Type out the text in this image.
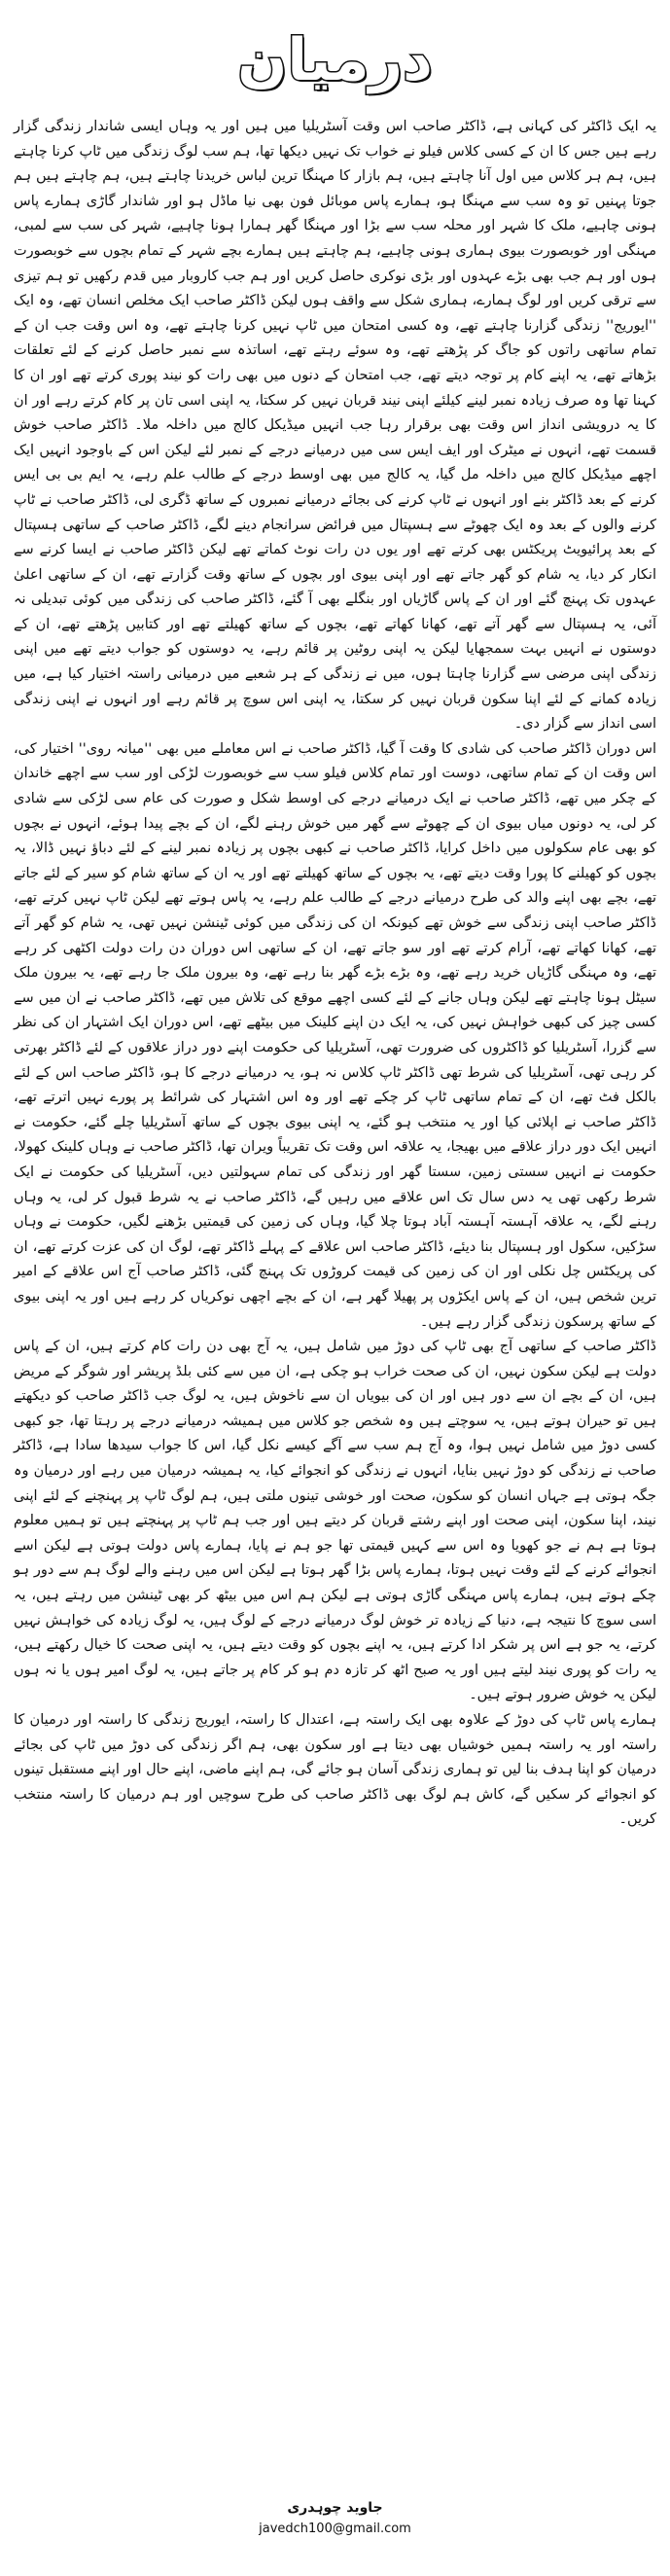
درمیان

یہ ایک ڈاکٹر کی کہانی ہے، ڈاکٹر صاحب اس وقت آسٹریلیا میں ہیں اور یہ وہاں ایسی شاندار زندگی گزار رہے ہیں جس کا ان کے کسی کلاس فیلو نے خواب تک نہیں دیکھا تھا، ہم سب لوگ زندگی میں ٹاپ کرنا چاہتے ہیں، ہم ہر کلاس میں اول آنا چاہتے ہیں، ہم بازار کا مہنگا ترین لباس خریدنا چاہتے ہیں، ہم چاہتے ہیں ہم جوتا پہنیں تو وہ سب سے مہنگا ہو، ہمارے پاس موبائل فون بھی نیا ماڈل ہو اور شاندار گاڑی ہمارے پاس ہونی چاہیے، ملک کا شہر اور محلہ سب سے بڑا اور مہنگا گھر ہمارا ہونا چاہیے، شہر کی سب سے لمبی، مہنگی اور خوبصورت بیوی ہماری ہونی چاہیے، ہم چاہتے ہیں ہمارے بچے شہر کے تمام بچوں سے خوبصورت ہوں اور ہم جب بھی بڑے عہدوں اور بڑی نوکری حاصل کریں اور ہم جب کاروبار میں قدم رکھیں تو ہم تیزی سے ترقی کریں اور لوگ ہمارے، ہماری شکل سے واقف ہوں لیکن ڈاکٹر صاحب ایک مخلص انسان تھے، وہ ایک ''ایوریج'' زندگی گزارنا چاہتے تھے، وہ کسی امتحان میں ٹاپ نہیں کرنا چاہتے تھے، وہ اس وقت جب ان کے تمام ساتھی راتوں کو جاگ کر پڑھتے تھے، وہ سوئے رہتے تھے، اساتذہ سے نمبر حاصل کرنے کے لئے تعلقات بڑھاتے تھے، یہ اپنے کام پر توجہ دیتے تھے، جب امتحان کے دنوں میں بھی رات کو نیند پوری کرتے تھے اور ان کا کہنا تھا وہ صرف زیادہ نمبر لینے کیلئے اپنی نیند قربان نہیں کر سکتا، یہ اپنی اسی تان پر کام کرتے رہے اور ان کا یہ درویشی انداز اس وقت بھی برقرار رہا جب انہیں میڈیکل کالج میں داخلہ ملا۔ ڈاکٹر صاحب خوش قسمت تھے، انہوں نے میٹرک اور ایف ایس سی میں درمیانے درجے کے نمبر لئے لیکن اس کے باوجود انہیں ایک اچھے میڈیکل کالج میں داخلہ مل گیا، یہ کالج میں بھی اوسط درجے کے طالب علم رہے، یہ ایم بی بی ایس کرنے کے بعد ڈاکٹر بنے اور انہوں نے ٹاپ کرنے کی بجائے درمیانے نمبروں کے ساتھ ڈگری لی، ڈاکٹر صاحب نے ٹاپ کرنے والوں کے بعد وہ ایک چھوٹے سے ہسپتال میں فرائض سرانجام دینے لگے، ڈاکٹر صاحب کے ساتھی ہسپتال کے بعد پرائیویٹ پریکٹس بھی کرتے تھے اور یوں دن رات نوٹ کماتے تھے لیکن ڈاکٹر صاحب نے ایسا کرنے سے انکار کر دیا، یہ شام کو گھر جاتے تھے اور اپنی بیوی اور بچوں کے ساتھ وقت گزارتے تھے، ان کے ساتھی اعلیٰ عہدوں تک پہنچ گئے اور ان کے پاس گاڑیاں اور بنگلے بھی آ گئے، ڈاکٹر صاحب کی زندگی میں کوئی تبدیلی نہ آئی، یہ ہسپتال سے گھر آتے تھے، کھانا کھاتے تھے، بچوں کے ساتھ کھیلتے تھے اور کتابیں پڑھتے تھے، ان کے دوستوں نے انہیں بہت سمجھایا لیکن یہ اپنی روٹین پر قائم رہے، یہ دوستوں کو جواب دیتے تھے میں اپنی زندگی اپنی مرضی سے گزارنا چاہتا ہوں، میں نے زندگی کے ہر شعبے میں درمیانی راستہ اختیار کیا ہے، میں زیادہ کمانے کے لئے اپنا سکون قربان نہیں کر سکتا، یہ اپنی اس سوچ پر قائم رہے اور انہوں نے اپنی زندگی اسی انداز سے گزار دی۔

اس دوران ڈاکٹر صاحب کی شادی کا وقت آ گیا، ڈاکٹر صاحب نے اس معاملے میں بھی ''میانہ روی'' اختیار کی، اس وقت ان کے تمام ساتھی، دوست اور تمام کلاس فیلو سب سے خوبصورت لڑکی اور سب سے اچھے خاندان کے چکر میں تھے، ڈاکٹر صاحب نے ایک درمیانے درجے کی اوسط شکل و صورت کی عام سی لڑکی سے شادی کر لی، یہ دونوں میاں بیوی ان کے چھوٹے سے گھر میں خوش رہنے لگے، ان کے بچے پیدا ہوئے، انہوں نے بچوں کو بھی عام سکولوں میں داخل کرایا، ڈاکٹر صاحب نے کبھی بچوں پر زیادہ نمبر لینے کے لئے دباؤ نہیں ڈالا، یہ بچوں کو کھیلنے کا پورا وقت دیتے تھے، یہ بچوں کے ساتھ کھیلتے تھے اور یہ ان کے ساتھ شام کو سیر کے لئے جاتے تھے، بچے بھی اپنے والد کی طرح درمیانے درجے کے طالب علم رہے، یہ پاس ہوتے تھے لیکن ٹاپ نہیں کرتے تھے، ڈاکٹر صاحب اپنی زندگی سے خوش تھے کیونکہ ان کی زندگی میں کوئی ٹینشن نہیں تھی، یہ شام کو گھر آتے تھے، کھانا کھاتے تھے، آرام کرتے تھے اور سو جاتے تھے، ان کے ساتھی اس دوران دن رات دولت اکٹھی کر رہے تھے، وہ مہنگی گاڑیاں خرید رہے تھے، وہ بڑے بڑے گھر بنا رہے تھے، وہ بیرون ملک جا رہے تھے، یہ بیرون ملک سیٹل ہونا چاہتے تھے لیکن وہاں جانے کے لئے کسی اچھے موقع کی تلاش میں تھے، ڈاکٹر صاحب نے ان میں سے کسی چیز کی کبھی خواہش نہیں کی، یہ ایک دن اپنے کلینک میں بیٹھے تھے، اس دوران ایک اشتہار ان کی نظر سے گزرا، آسٹریلیا کو ڈاکٹروں کی ضرورت تھی، آسٹریلیا کی حکومت اپنے دور دراز علاقوں کے لئے ڈاکٹر بھرتی کر رہی تھی، آسٹریلیا کی شرط تھی ڈاکٹر ٹاپ کلاس نہ ہو، یہ درمیانے درجے کا ہو، ڈاکٹر صاحب اس کے لئے بالکل فٹ تھے، ان کے تمام ساتھی ٹاپ کر چکے تھے اور وہ اس اشتہار کی شرائط پر پورے نہیں اترتے تھے، ڈاکٹر صاحب نے اپلائی کیا اور یہ منتخب ہو گئے، یہ اپنی بیوی بچوں کے ساتھ آسٹریلیا چلے گئے، حکومت نے انہیں ایک دور دراز علاقے میں بھیجا، یہ علاقہ اس وقت تک تقریباً ویران تھا، ڈاکٹر صاحب نے وہاں کلینک کھولا، حکومت نے انہیں سستی زمین، سستا گھر اور زندگی کی تمام سہولتیں دیں، آسٹریلیا کی حکومت نے ایک شرط رکھی تھی یہ دس سال تک اس علاقے میں رہیں گے، ڈاکٹر صاحب نے یہ شرط قبول کر لی، یہ وہاں رہنے لگے، یہ علاقہ آہستہ آہستہ آباد ہوتا چلا گیا، وہاں کی زمین کی قیمتیں بڑھنے لگیں، حکومت نے وہاں سڑکیں، سکول اور ہسپتال بنا دیئے، ڈاکٹر صاحب اس علاقے کے پہلے ڈاکٹر تھے، لوگ ان کی عزت کرتے تھے، ان کی پریکٹس چل نکلی اور ان کی زمین کی قیمت کروڑوں تک پہنچ گئی، ڈاکٹر صاحب آج اس علاقے کے امیر ترین شخص ہیں، ان کے پاس ایکڑوں پر پھیلا گھر ہے، ان کے بچے اچھی نوکریاں کر رہے ہیں اور یہ اپنی بیوی کے ساتھ پرسکون زندگی گزار رہے ہیں۔

ڈاکٹر صاحب کے ساتھی آج بھی ٹاپ کی دوڑ میں شامل ہیں، یہ آج بھی دن رات کام کرتے ہیں، ان کے پاس دولت ہے لیکن سکون نہیں، ان کی صحت خراب ہو چکی ہے، ان میں سے کئی بلڈ پریشر اور شوگر کے مریض ہیں، ان کے بچے ان سے دور ہیں اور ان کی بیویاں ان سے ناخوش ہیں، یہ لوگ جب ڈاکٹر صاحب کو دیکھتے ہیں تو حیران ہوتے ہیں، یہ سوچتے ہیں وہ شخص جو کلاس میں ہمیشہ درمیانے درجے پر رہتا تھا، جو کبھی کسی دوڑ میں شامل نہیں ہوا، وہ آج ہم سب سے آگے کیسے نکل گیا، اس کا جواب سیدھا سادا ہے، ڈاکٹر صاحب نے زندگی کو دوڑ نہیں بنایا، انہوں نے زندگی کو انجوائے کیا، یہ ہمیشہ درمیان میں رہے اور درمیان وہ جگہ ہوتی ہے جہاں انسان کو سکون، صحت اور خوشی تینوں ملتی ہیں، ہم لوگ ٹاپ پر پہنچنے کے لئے اپنی نیند، اپنا سکون، اپنی صحت اور اپنے رشتے قربان کر دیتے ہیں اور جب ہم ٹاپ پر پہنچتے ہیں تو ہمیں معلوم ہوتا ہے ہم نے جو کھویا وہ اس سے کہیں قیمتی تھا جو ہم نے پایا، ہمارے پاس دولت ہوتی ہے لیکن اسے انجوائے کرنے کے لئے وقت نہیں ہوتا، ہمارے پاس بڑا گھر ہوتا ہے لیکن اس میں رہنے والے لوگ ہم سے دور ہو چکے ہوتے ہیں، ہمارے پاس مہنگی گاڑی ہوتی ہے لیکن ہم اس میں بیٹھ کر بھی ٹینشن میں رہتے ہیں، یہ اسی سوچ کا نتیجہ ہے، دنیا کے زیادہ تر خوش لوگ درمیانے درجے کے لوگ ہیں، یہ لوگ زیادہ کی خواہش نہیں کرتے، یہ جو ہے اس پر شکر ادا کرتے ہیں، یہ اپنے بچوں کو وقت دیتے ہیں، یہ اپنی صحت کا خیال رکھتے ہیں، یہ رات کو پوری نیند لیتے ہیں اور یہ صبح اٹھ کر تازہ دم ہو کر کام پر جاتے ہیں، یہ لوگ امیر ہوں یا نہ ہوں لیکن یہ خوش ضرور ہوتے ہیں۔

ہمارے پاس ٹاپ کی دوڑ کے علاوہ بھی ایک راستہ ہے، اعتدال کا راستہ، ایوریج زندگی کا راستہ اور درمیان کا راستہ اور یہ راستہ ہمیں خوشیاں بھی دیتا ہے اور سکون بھی، ہم اگر زندگی کی دوڑ میں ٹاپ کی بجائے درمیان کو اپنا ہدف بنا لیں تو ہماری زندگی آسان ہو جائے گی، ہم اپنے ماضی، اپنے حال اور اپنے مستقبل تینوں کو انجوائے کر سکیں گے، کاش ہم لوگ بھی ڈاکٹر صاحب کی طرح سوچیں اور ہم درمیان کا راستہ منتخب کریں۔

جاوید چوہدری

javedch100@gmail.com
